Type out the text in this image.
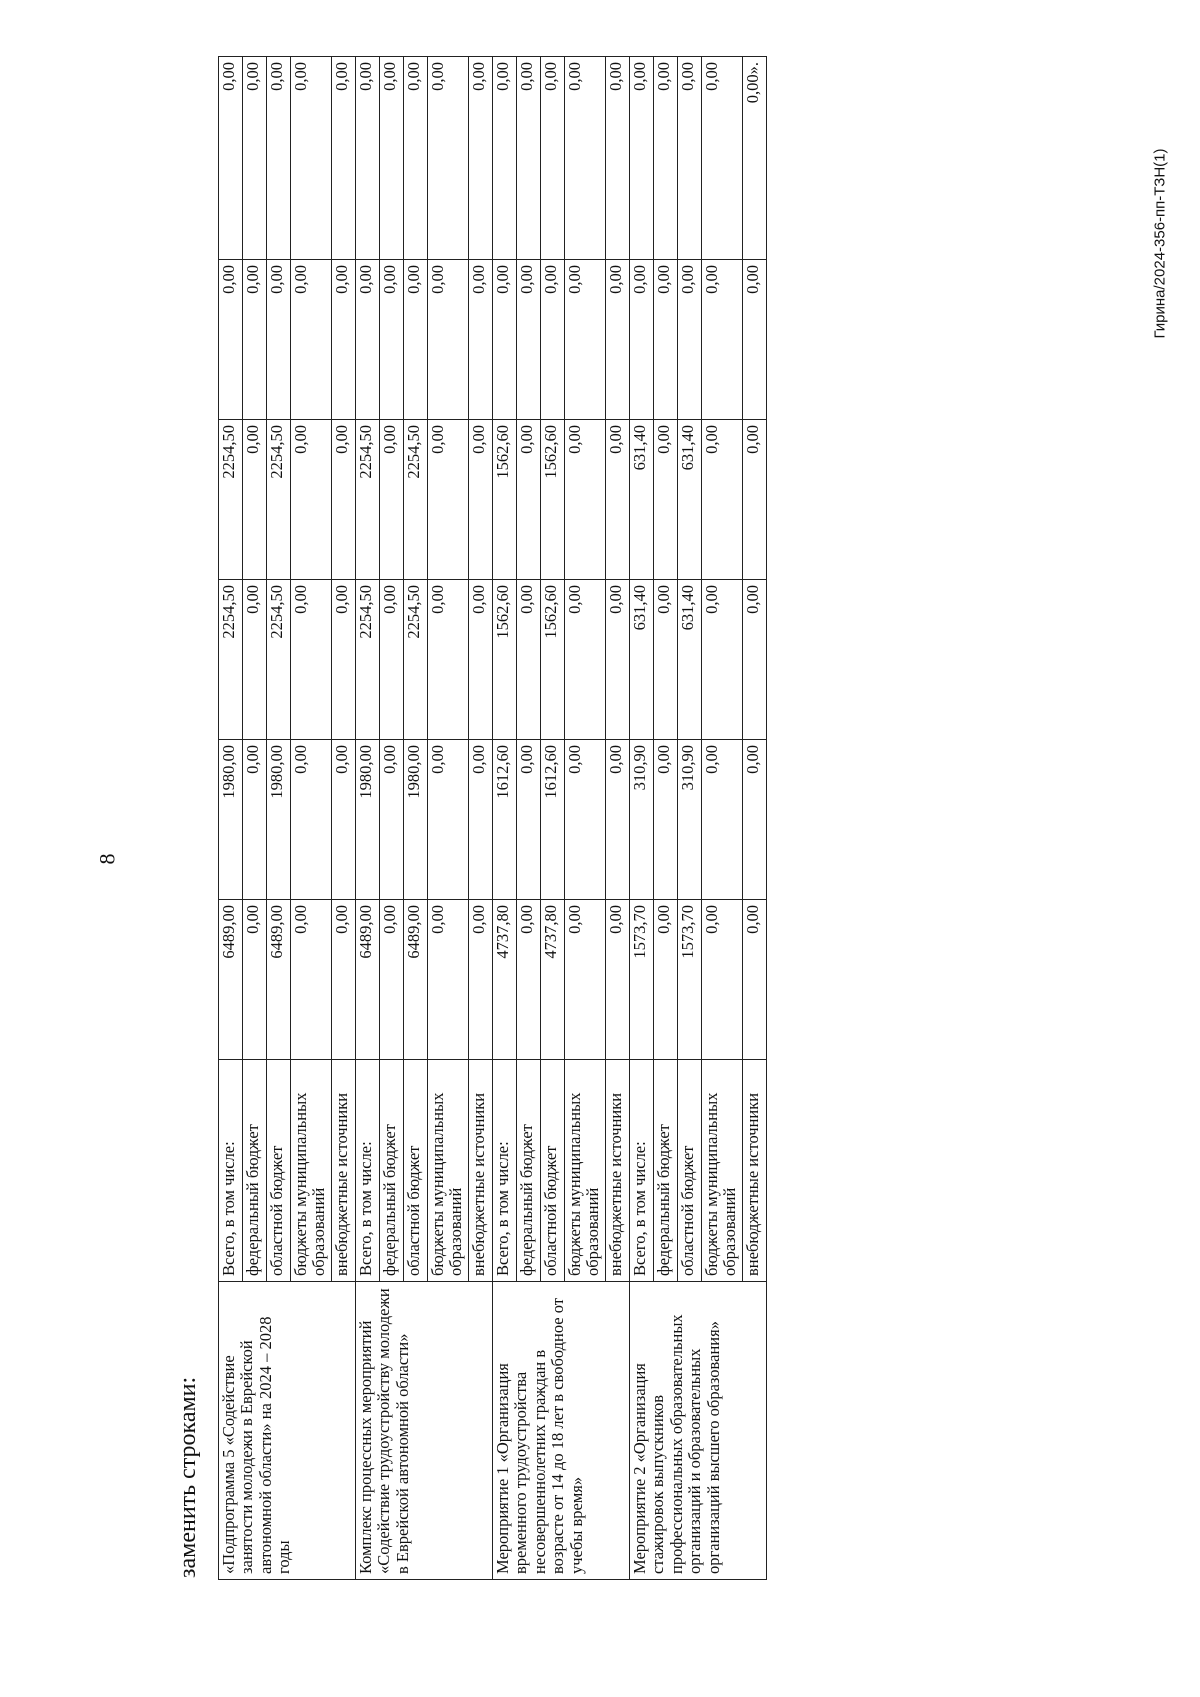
8
Гирина/2024-356-пп-ТЗН(1)
заменить строками: «Подпрограмма 5 «Содействие занятости молодежи в Еврейской автономной области» на 2024 – 2028 годы	Всего, в том числе:	6489,00	1980,00	2254,50	2254,50	0,00	0,00
	федеральный бюджет	0,00	0,00	0,00	0,00	0,00	0,00
	областной бюджет	6489,00	1980,00	2254,50	2254,50	0,00	0,00
	бюджеты муниципальных образований	0,00	0,00	0,00	0,00	0,00	0,00
	внебюджетные источники	0,00	0,00	0,00	0,00	0,00	0,00
Комплекс процессных мероприятий «Содействие трудоустройству молодежи в Еврейской автономной области»	Всего, в том числе:	6489,00	1980,00	2254,50	2254,50	0,00	0,00
	федеральный бюджет	0,00	0,00	0,00	0,00	0,00	0,00
	областной бюджет	6489,00	1980,00	2254,50	2254,50	0,00	0,00
	бюджеты муниципальных образований	0,00	0,00	0,00	0,00	0,00	0,00
	внебюджетные источники	0,00	0,00	0,00	0,00	0,00	0,00
Мероприятие 1 «Организация временного трудоустройства несовершеннолетних граждан в возрасте от 14 до 18 лет в свободное от учебы время»	Всего, в том числе:	4737,80	1612,60	1562,60	1562,60	0,00	0,00
	федеральный бюджет	0,00	0,00	0,00	0,00	0,00	0,00
	областной бюджет	4737,80	1612,60	1562,60	1562,60	0,00	0,00
	бюджеты муниципальных образований	0,00	0,00	0,00	0,00	0,00	0,00
	внебюджетные источники	0,00	0,00	0,00	0,00	0,00	0,00
Мероприятие 2 «Организация стажировок выпускников профессиональных образовательных организаций и образовательных организаций высшего образования»	Всего, в том числе:	1573,70	310,90	631,40	631,40	0,00	0,00
	федеральный бюджет	0,00	0,00	0,00	0,00	0,00	0,00
	областной бюджет	1573,70	310,90	631,40	631,40	0,00	0,00
	бюджеты муниципальных образований	0,00	0,00	0,00	0,00	0,00	0,00
	внебюджетные источники	0,00	0,00	0,00	0,00	0,00	0,00».
